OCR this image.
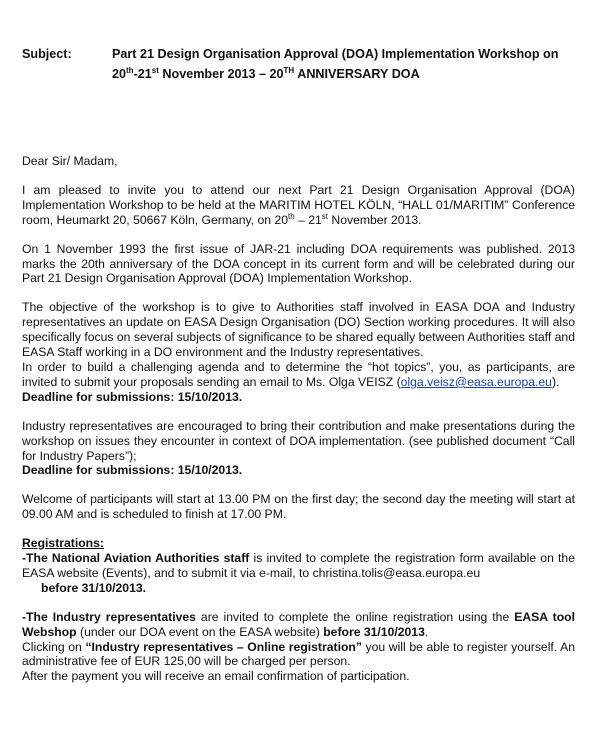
Subject:	Part 21 Design Organisation Approval (DOA) Implementation Workshop on
20th-21st November 2013 – 20TH ANNIVERSARY DOA

Dear Sir/ Madam,

I am pleased to invite you to attend our next Part 21 Design Organisation Approval (DOA) Implementation Workshop to be held at the MARITIM HOTEL KÖLN, “HALL 01/MARITIM” Conference room, Heumarkt 20, 50667 Köln, Germany, on 20th – 21st November 2013.

On 1 November 1993 the first issue of JAR-21 including DOA requirements was published. 2013 marks the 20th anniversary of the DOA concept in its current form and will be celebrated during our Part 21 Design Organisation Approval (DOA) Implementation Workshop.

The objective of the workshop is to give to Authorities staff involved in EASA DOA and Industry representatives an update on EASA Design Organisation (DO) Section working procedures. It will also specifically focus on several subjects of significance to be shared equally between Authorities staff and EASA Staff working in a DO environment and the Industry representatives.

In order to build a challenging agenda and to determine the “hot topics”, you, as participants, are invited to submit your proposals sending an email to Ms. Olga VEISZ (olga.veisz@easa.europa.eu).

Deadline for submissions: 15/10/2013.

Industry representatives are encouraged to bring their contribution and make presentations during the workshop on issues they encounter in context of DOA implementation. (see published document “Call for Industry Papers”);

Deadline for submissions: 15/10/2013.

Welcome of participants will start at 13.00 PM on the first day; the second day the meeting will start at 09.00 AM and is scheduled to finish at 17.00 PM.

Registrations:

-The National Aviation Authorities staff is invited to complete the registration form available on the EASA website (Events), and to submit it via e-mail, to christina.tolis@easa.europa.eu
before 31/10/2013.

-The Industry representatives are invited to complete the online registration using the EASA tool Webshop (under our DOA event on the EASA website) before 31/10/2013.

Clicking on “Industry representatives – Online registration” you will be able to register yourself. An administrative fee of EUR 125,00 will be charged per person.

After the payment you will receive an email confirmation of participation.
